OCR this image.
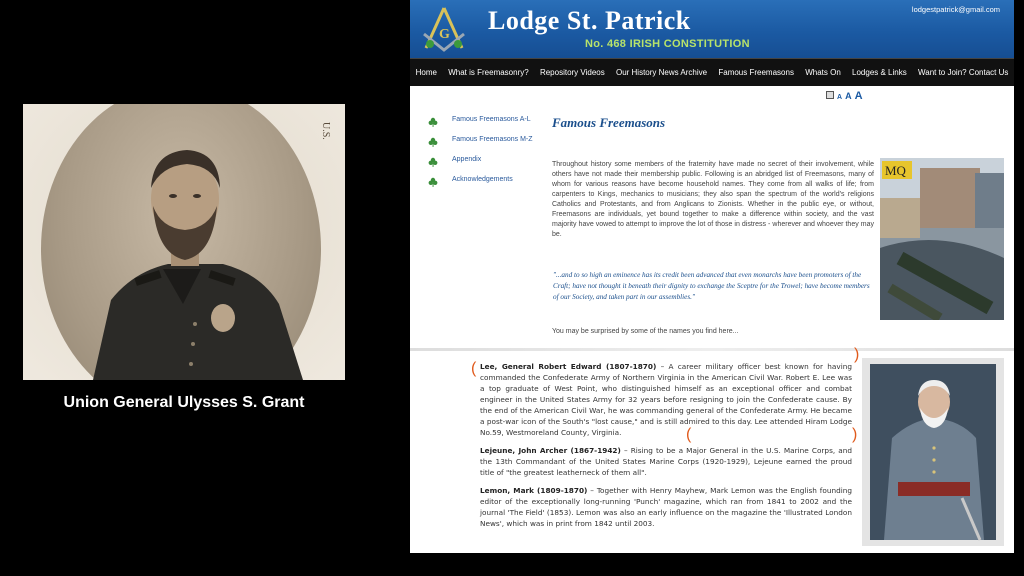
U.S.
Union General Ulysses S. Grant
G Lodge St. Patrick
No. 468 IRISH CONSTITUTION
lodgestpatrick@gmail.com
Home	What is Freemasonry?	Repository Videos	Our History News Archive	Famous Freemasons	Whats On	Lodges & Links	Want to Join? Contact Us
A A A
Famous Freemasons A-L
Famous Freemasons M-Z
Appendix
Acknowledgements
Famous Freemasons
Throughout history some members of the fraternity have made no secret of their involvement, while others have not made their membership public. Following is an abridged list of Freemasons, many of whom for various reasons have become household names. They come from all walks of life; from carpenters to Kings, mechanics to musicians; they also span the spectrum of the world's religions Catholics and Protestants, and from Anglicans to Zionists. Whether in the public eye, or without, Freemasons are individuals, yet bound together to make a difference within society, and the vast majority have vowed to attempt to improve the lot of those in distress - wherever and whoever they may be.
"...and to so high an eminence has its credit been advanced that even monarchs have been promoters of the Craft; have not thought it beneath their dignity to exchange the Sceptre for the Trowel; have become members of our Society, and taken part in our assemblies."
You may be surprised by some of the names you find here...
MQ
(
)
(	)
Lee, General Robert Edward (1807-1870) – A career military officer best known for having commanded the Confederate Army of Northern Virginia in the American Civil War. Robert E. Lee was a top graduate of West Point, who distinguished himself as an exceptional officer and combat engineer in the United States Army for 32 years before resigning to join the Confederate cause. By the end of the American Civil War, he was commanding general of the Confederate Army. He became a post-war icon of the South's "lost cause," and is still admired to this day. Lee attended Hiram Lodge No.59, Westmoreland County, Virginia.
Lejeune, John Archer (1867-1942) – Rising to be a Major General in the U.S. Marine Corps, and the 13th Commandant of the United States Marine Corps (1920-1929), Lejeune earned the proud title of "the greatest leatherneck of them all".
Lemon, Mark (1809-1870) – Together with Henry Mayhew, Mark Lemon was the English founding editor of the exceptionally long-running 'Punch' magazine, which ran from 1841 to 2002 and the journal 'The Field' (1853). Lemon was also an early influence on the magazine the 'Illustrated London News', which was in print from 1842 until 2003.
